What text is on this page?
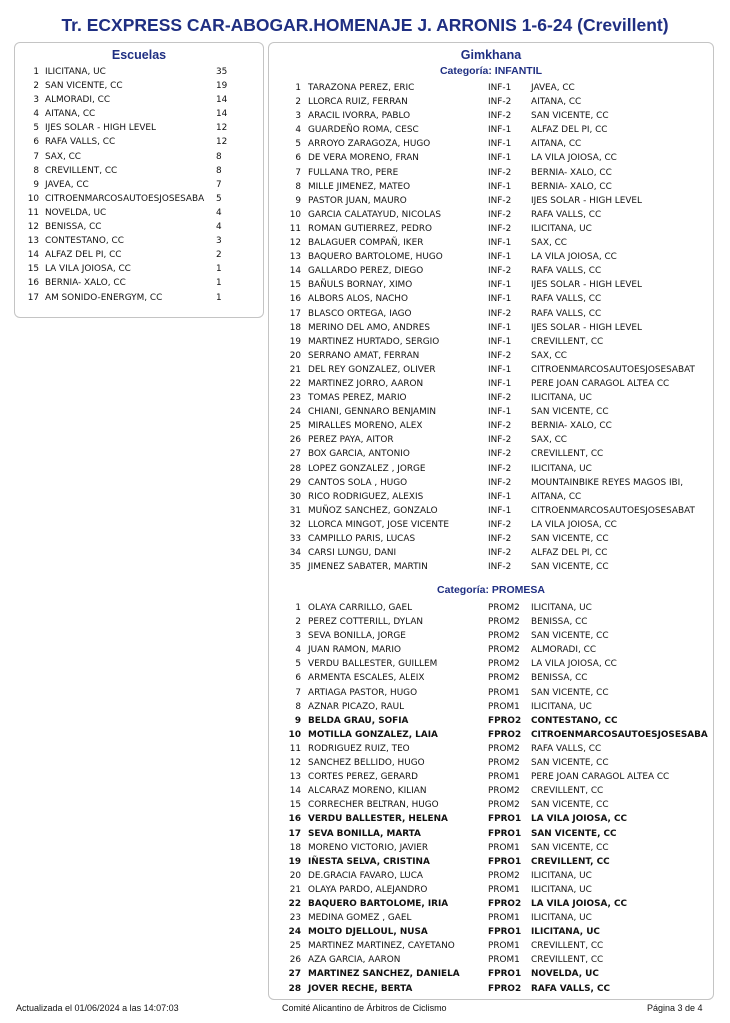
Tr. ECXPRESS CAR-ABOGAR.HOMENAJE J. ARRONIS 1-6-24 (Crevillent)
Escuelas
1 ILICITANA, UC	35
2 SAN VICENTE, CC	19
3 ALMORADI, CC	14
4 AITANA, CC	14
5 IJES SOLAR - HIGH LEVEL	12
6 RAFA VALLS, CC	12
7 SAX, CC	8
8 CREVILLENT, CC	8
9 JAVEA, CC	7
10 CITROENMARCOSAUTOESJOSESABA 5
11 NOVELDA, UC	4
12 BENISSA, CC	4
13 CONTESTANO, CC	3
14 ALFAZ DEL PI, CC	2
15 LA VILA JOIOSA, CC	1
16 BERNIA- XALO, CC	1
17 AM SONIDO-ENERGYM, CC	1
Gimkhana
Categoría: INFANTIL
1 TARAZONA PEREZ, ERIC	INF-1 JAVEA, CC
2 LLORCA RUIZ, FERRAN	INF-2 AITANA, CC
3 ARACIL IVORRA, PABLO	INF-2 SAN VICENTE, CC
4 GUARDEÑO ROMA, CESC	INF-1 ALFAZ DEL PI, CC
5 ARROYO ZARAGOZA, HUGO	INF-1 AITANA, CC
6 DE VERA MORENO, FRAN	INF-1 LA VILA JOIOSA, CC
7 FULLANA TRO, PERE	INF-2 BERNIA- XALO, CC
8 MILLE JIMENEZ, MATEO	INF-1 BERNIA- XALO, CC
9 PASTOR JUAN, MAURO	INF-2 IJES SOLAR - HIGH LEVEL
10 GARCIA CALATAYUD, NICOLAS	INF-2 RAFA VALLS, CC
11 ROMAN GUTIERREZ, PEDRO	INF-2 ILICITANA, UC
12 BALAGUER COMPAÑ, IKER	INF-1 SAX, CC
13 BAQUERO BARTOLOME, HUGO	INF-1 LA VILA JOIOSA, CC
14 GALLARDO PEREZ, DIEGO	INF-2 RAFA VALLS, CC
15 BAÑULS BORNAY, XIMO	INF-1 IJES SOLAR - HIGH LEVEL
16 ALBORS ALOS, NACHO	INF-1 RAFA VALLS, CC
17 BLASCO ORTEGA, IAGO	INF-2 RAFA VALLS, CC
18 MERINO DEL AMO, ANDRES	INF-1 IJES SOLAR - HIGH LEVEL
19 MARTINEZ HURTADO, SERGIO	INF-1 CREVILLENT, CC
20 SERRANO AMAT, FERRAN	INF-2 SAX, CC
21 DEL REY GONZALEZ, OLIVER	INF-1 CITROENMARCOSAUTOESJOSESABAT
22 MARTINEZ JORRO, AARON	INF-1 PERE JOAN CARAGOL ALTEA CC
23 TOMAS PEREZ, MARIO	INF-2 ILICITANA, UC
24 CHIANI, GENNARO BENJAMIN	INF-1 SAN VICENTE, CC
25 MIRALLES MORENO, ALEX	INF-2 BERNIA- XALO, CC
26 PEREZ PAYA, AITOR	INF-2 SAX, CC
27 BOX GARCIA, ANTONIO	INF-2 CREVILLENT, CC
28 LOPEZ GONZALEZ , JORGE	INF-2 ILICITANA, UC
29 CANTOS SOLA , HUGO	INF-2 MOUNTAINBIKE REYES MAGOS IBI,
30 RICO RODRIGUEZ, ALEXIS	INF-1 AITANA, CC
31 MUÑOZ SANCHEZ, GONZALO	INF-1 CITROENMARCOSAUTOESJOSESABAT
32 LLORCA MINGOT, JOSE VICENTE	INF-2 LA VILA JOIOSA, CC
33 CAMPILLO PARIS, LUCAS	INF-2 SAN VICENTE, CC
34 CARSI LUNGU, DANI	INF-2 ALFAZ DEL PI, CC
35 JIMENEZ SABATER, MARTIN	INF-2 SAN VICENTE, CC
Categoría: PROMESA
1 OLAYA CARRILLO, GAEL	PROM2 ILICITANA, UC
2 PEREZ COTTERILL, DYLAN	PROM2 BENISSA, CC
3 SEVA BONILLA, JORGE	PROM2 SAN VICENTE, CC
4 JUAN RAMON, MARIO	PROM2 ALMORADI, CC
5 VERDU BALLESTER, GUILLEM	PROM2 LA VILA JOIOSA, CC
6 ARMENTA ESCALES, ALEIX	PROM2 BENISSA, CC
7 ARTIAGA PASTOR, HUGO	PROM1 SAN VICENTE, CC
8 AZNAR PICAZO, RAUL	PROM1 ILICITANA, UC
9 BELDA GRAU, SOFIA	FPRO2 CONTESTANO, CC
10 MOTILLA GONZALEZ, LAIA	FPRO2 CITROENMARCOSAUTOESJOSESABA
11 RODRIGUEZ RUIZ, TEO	PROM2 RAFA VALLS, CC
12 SANCHEZ BELLIDO, HUGO	PROM2 SAN VICENTE, CC
13 CORTES PEREZ, GERARD	PROM1 PERE JOAN CARAGOL ALTEA CC
14 ALCARAZ MORENO, KILIAN	PROM2 CREVILLENT, CC
15 CORRECHER BELTRAN, HUGO	PROM2 SAN VICENTE, CC
16 VERDU BALLESTER, HELENA	FPRO1 LA VILA JOIOSA, CC
17 SEVA BONILLA, MARTA	FPRO1 SAN VICENTE, CC
18 MORENO VICTORIO, JAVIER	PROM1 SAN VICENTE, CC
19 IÑESTA SELVA, CRISTINA	FPRO1 CREVILLENT, CC
20 DE.GRACIA FAVARO, LUCA	PROM2 ILICITANA, UC
21 OLAYA PARDO, ALEJANDRO	PROM1 ILICITANA, UC
22 BAQUERO BARTOLOME, IRIA	FPRO2 LA VILA JOIOSA, CC
23 MEDINA GOMEZ , GAEL	PROM1 ILICITANA, UC
24 MOLTO DJELLOUL, NUSA	FPRO1 ILICITANA, UC
25 MARTINEZ MARTINEZ, CAYETANO	PROM1 CREVILLENT, CC
26 AZA GARCIA, AARON	PROM1 CREVILLENT, CC
27 MARTINEZ SANCHEZ, DANIELA	FPRO1 NOVELDA, UC
28 JOVER RECHE, BERTA	FPRO2 RAFA VALLS, CC
Actualizada el 01/06/2024 a las 14:07:03	Comité Alicantino de Árbitros de Ciclismo	Página 3 de 4
